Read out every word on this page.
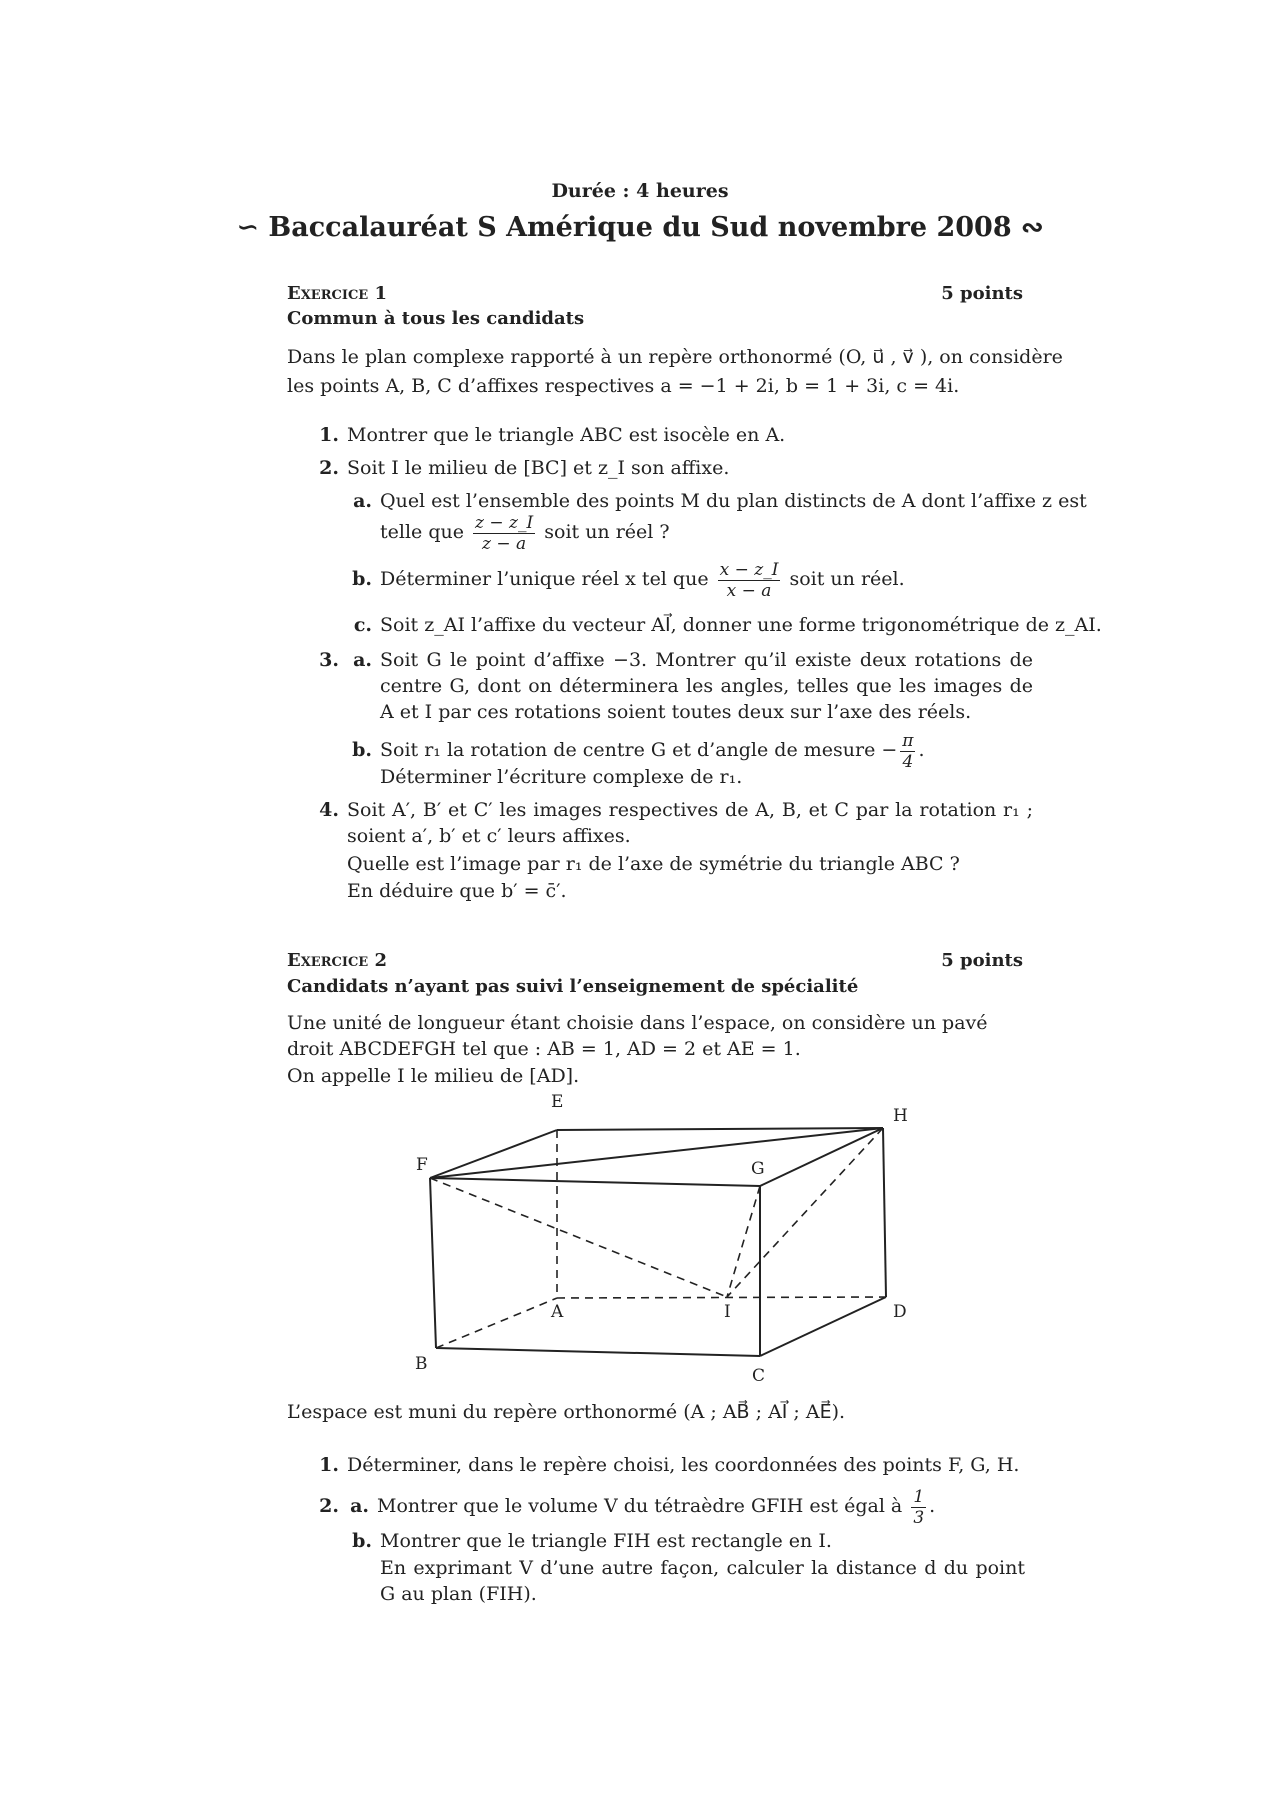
Durée : 4 heures
∽ Baccalauréat S Amérique du Sud novembre 2008 ∾
Exercice 1	5 points
Commun à tous les candidats
Dans le plan complexe rapporté à un repère orthonormé (O, u⃗ , v⃗ ), on considère
les points A, B, C d’affixes respectives a = −1 + 2i, b = 1 + 3i, c = 4i.
1. Montrer que le triangle ABC est isocèle en A.
2. Soit I le milieu de [BC] et z_I son affixe.
a. Quel est l’ensemble des points M du plan distincts de A dont l’affixe z est
telle que $\frac{z - z\_I}{z - a}$ soit un réel ?
b. Déterminer l’unique réel x tel que $\frac{x - z\_I}{x - a}$ soit un réel.
c. Soit z_AI l’affixe du vecteur AI⃗, donner une forme trigonométrique de z_AI.
3. a. Soit G le point d’affixe −3. Montrer qu’il existe deux rotations de centre G, dont on déterminera les angles, telles que les images de A et I par ces rotations soient toutes deux sur l’axe des réels.
b. Soit r₁ la rotation de centre G et d’angle de mesure − $\frac{\pi}{4}$ .
Déterminer l’écriture complexe de r₁.
4. Soit A′, B′ et C′ les images respectives de A, B, et C par la rotation r₁ ; soient a′, b′ et c′ leurs affixes.
Quelle est l’image par r₁ de l’axe de symétrie du triangle ABC ?
En déduire que b′ = c̄′.
Exercice 2	5 points
Candidats n’ayant pas suivi l’enseignement de spécialité
Une unité de longueur étant choisie dans l’espace, on considère un pavé droit ABCDEFGH tel que : AB = 1, AD = 2 et AE = 1.
On appelle I le milieu de [AD].
E
H
F	G
A	I	D
B
C
L’espace est muni du repère orthonormé (A ; AB⃗ ; AI⃗ ; AE⃗).
1. Déterminer, dans le repère choisi, les coordonnées des points F, G, H.
2. a. Montrer que le volume V du tétraèdre GFIH est égal à $\frac{1}{3}$ .
b. Montrer que le triangle FIH est rectangle en I.
En exprimant V d’une autre façon, calculer la distance d du point G au plan (FIH).
